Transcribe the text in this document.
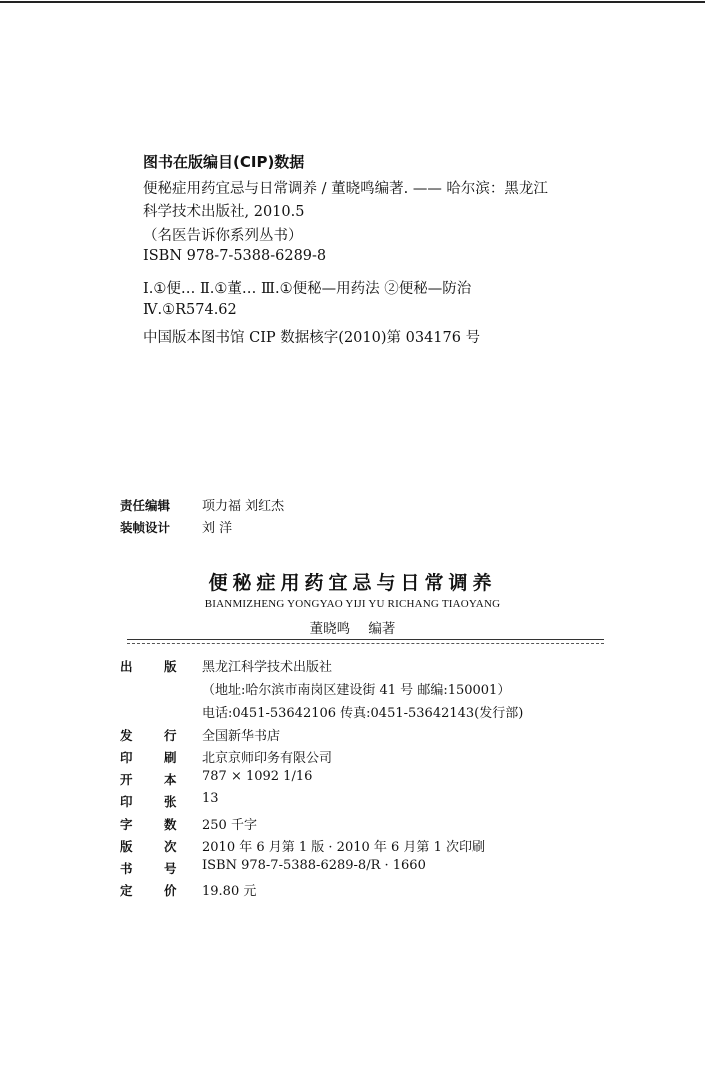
图书在版编目(CIP)数据
便秘症用药宜忌与日常调养 / 董晓鸣编著. —— 哈尔滨：黑龙江
科学技术出版社, 2010.5
（名医告诉你系列丛书）
ISBN 978-7-5388-6289-8
Ⅰ.①便… Ⅱ.①董… Ⅲ.①便秘—用药法 ②便秘—防治
Ⅳ.①R574.62
中国版本图书馆 CIP 数据核字(2010)第 034176 号
责任编辑 项力福 刘红杰
装帧设计 刘 洋
便秘症用药宜忌与日常调养
BIANMIZHENG YONGYAO YIJI YU RICHANG TIAOYANG
董晓鸣 编著
出	版	黑龙江科学技术出版社
（地址:哈尔滨市南岗区建设街 41 号 邮编:150001）
电话:0451-53642106 传真:0451-53642143(发行部)
发	行	全国新华书店
印	刷	北京京师印务有限公司
开	本	787 × 1092 1/16
印	张	13
字	数	250 千字
版	次	2010 年 6 月第 1 版 · 2010 年 6 月第 1 次印刷
书	号	ISBN 978-7-5388-6289-8/R · 1660
定	价	19.80 元
